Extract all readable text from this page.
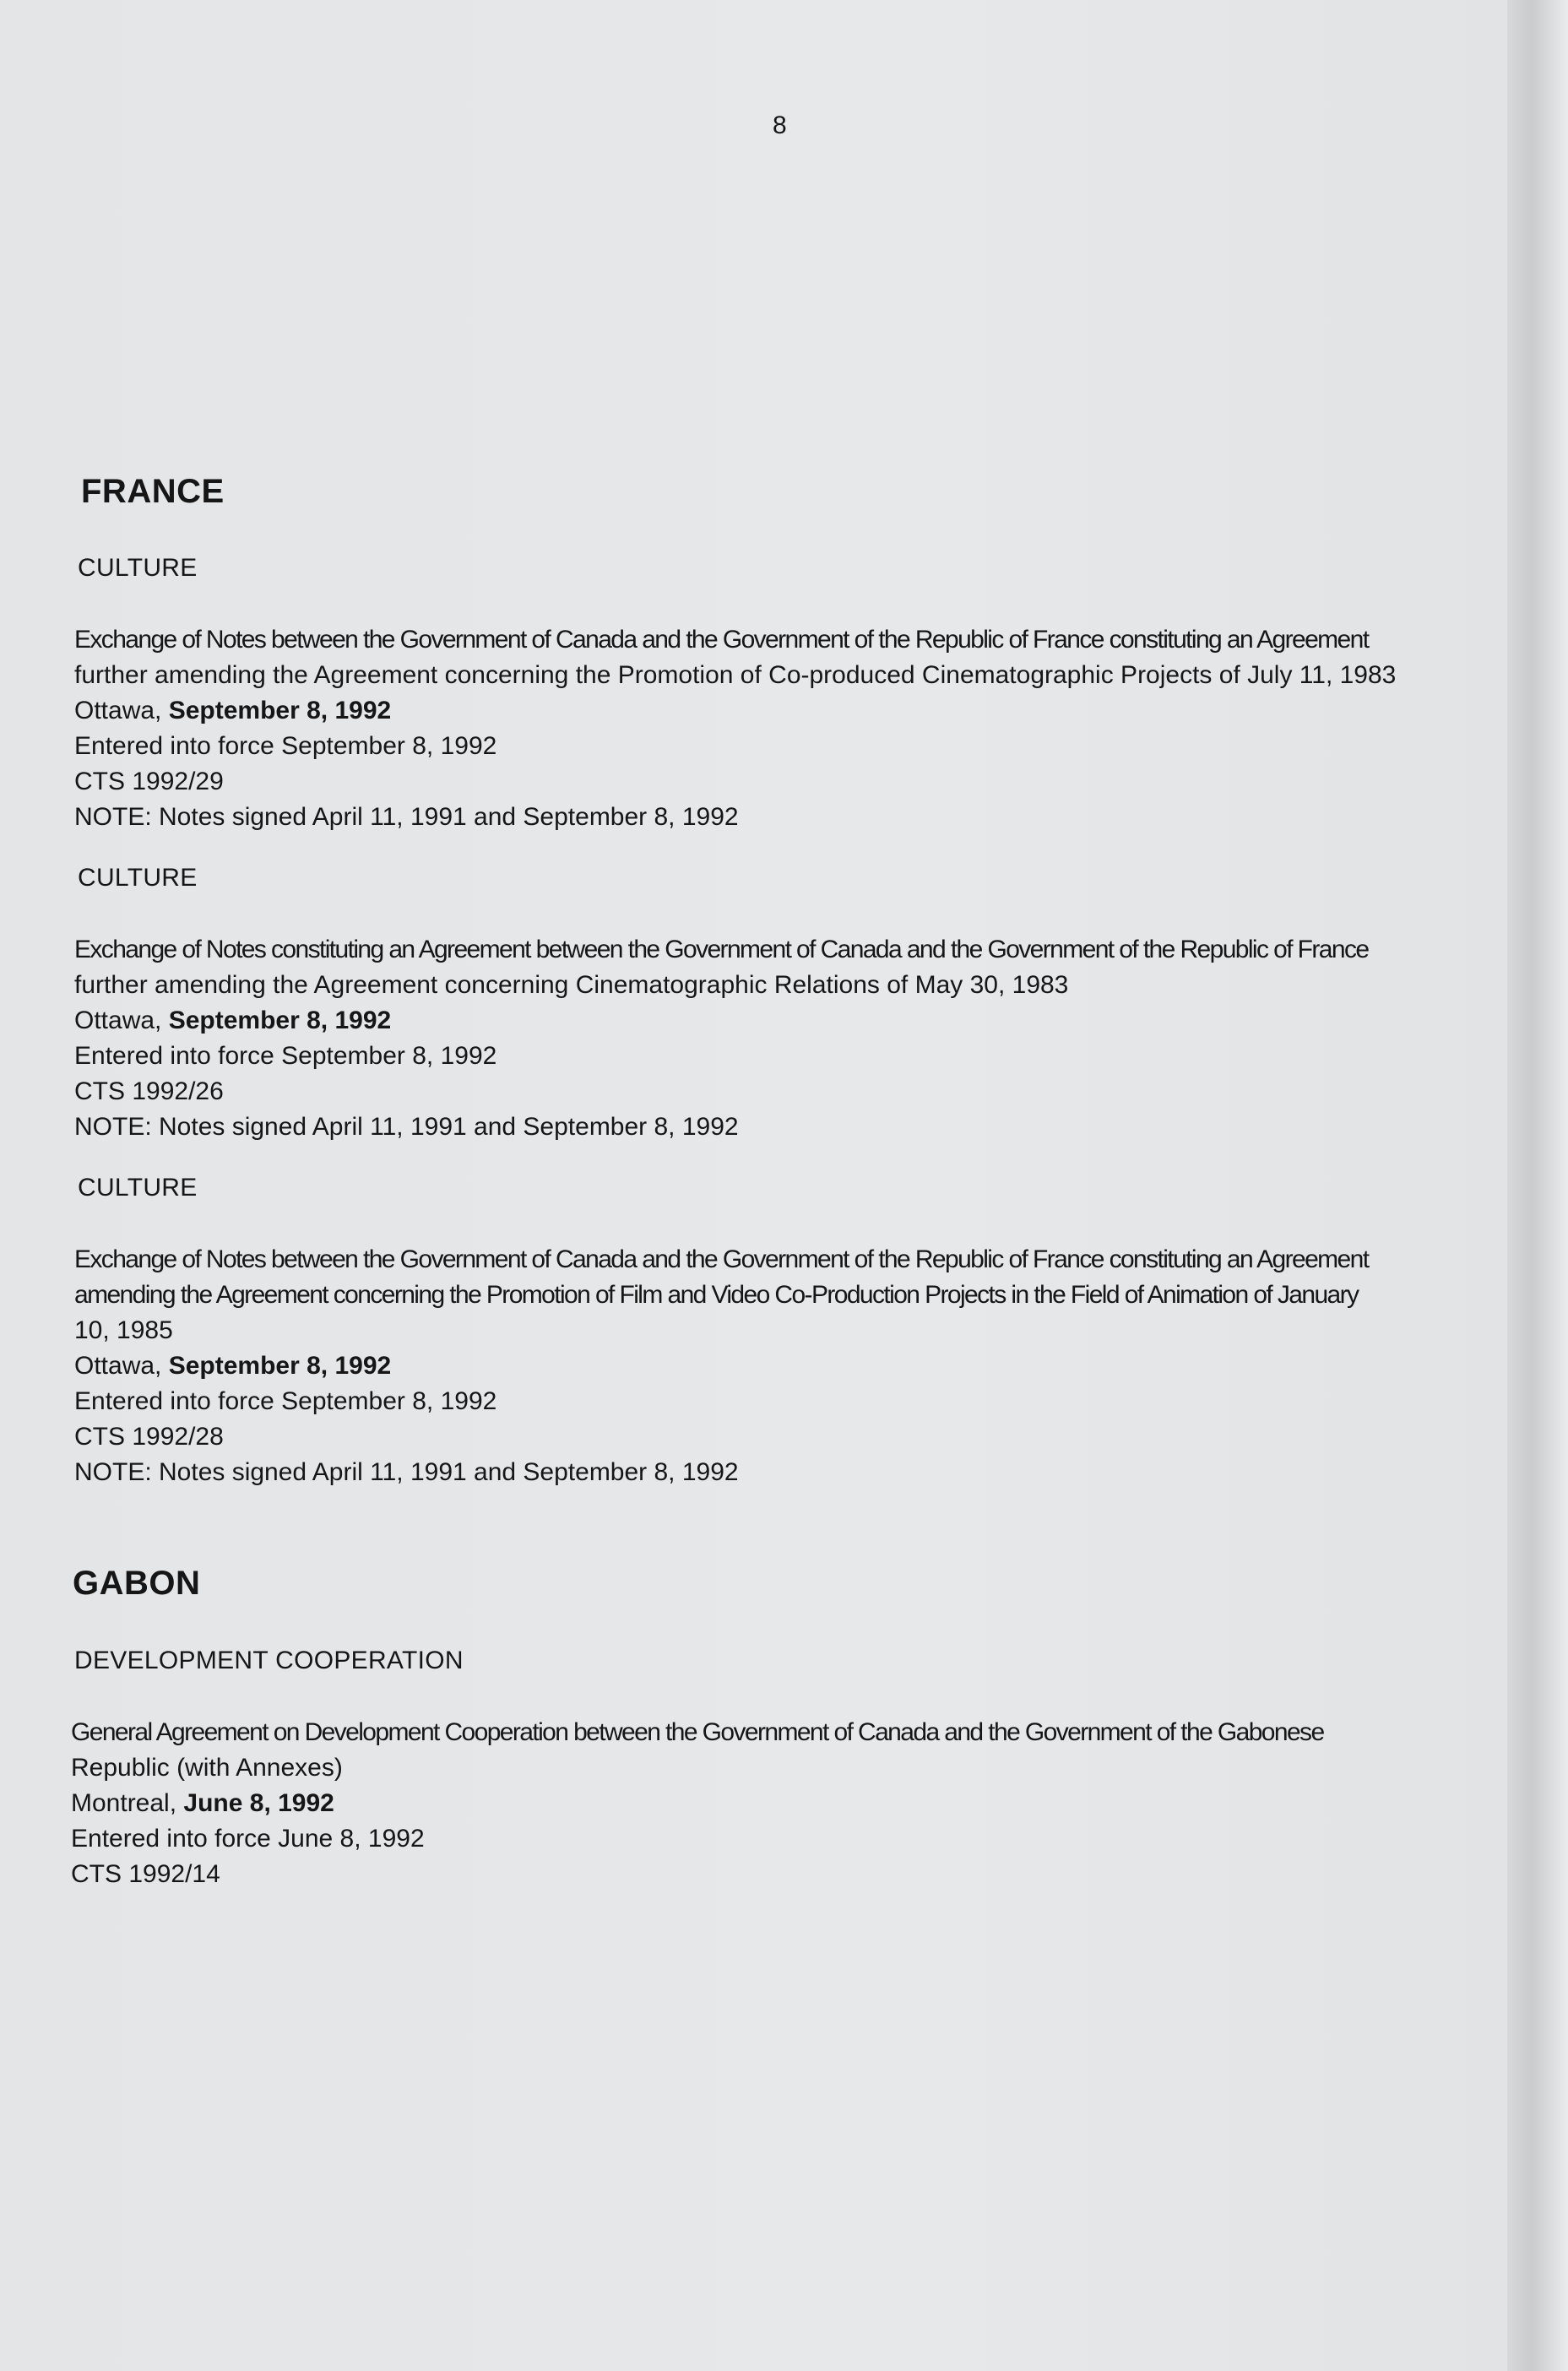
8
FRANCE
CULTURE
Exchange of Notes between the Government of Canada and the Government of the Republic of France constituting an Agreement
further amending the Agreement concerning the Promotion of Co-produced Cinematographic Projects of July 11, 1983
Ottawa, September 8, 1992
Entered into force September 8, 1992
CTS 1992/29
NOTE: Notes signed April 11, 1991 and September 8, 1992
CULTURE
Exchange of Notes constituting an Agreement between the Government of Canada and the Government of the Republic of France
further amending the Agreement concerning Cinematographic Relations of May 30, 1983
Ottawa, September 8, 1992
Entered into force September 8, 1992
CTS 1992/26
NOTE: Notes signed April 11, 1991 and September 8, 1992
CULTURE
Exchange of Notes between the Government of Canada and the Government of the Republic of France constituting an Agreement amending the Agreement concerning the Promotion of Film and Video Co-Production Projects in the Field of Animation of January
10, 1985
Ottawa, September 8, 1992
Entered into force September 8, 1992
CTS 1992/28
NOTE: Notes signed April 11, 1991 and September 8, 1992
GABON
DEVELOPMENT COOPERATION
General Agreement on Development Cooperation between the Government of Canada and the Government of the Gabonese
Republic (with Annexes)
Montreal, June 8, 1992
Entered into force June 8, 1992
CTS 1992/14
